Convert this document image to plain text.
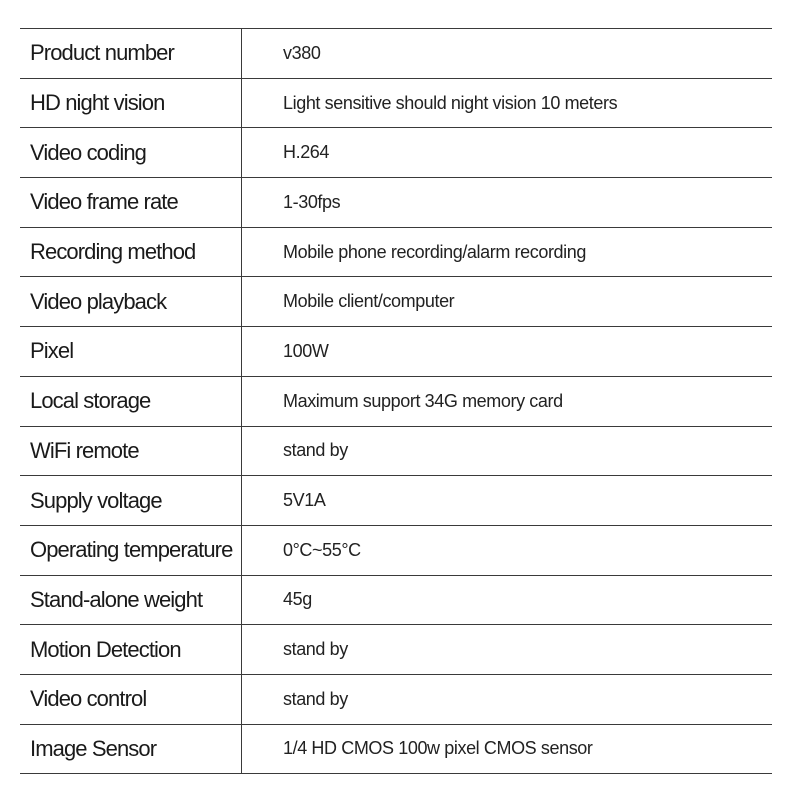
Product number	v380
HD night vision	Light sensitive should night vision 10 meters
Video coding	H.264
Video frame rate	1-30fps
Recording method	Mobile phone recording/alarm recording
Video playback	Mobile client/computer
Pixel	100W
Local storage	Maximum support 34G memory card
WiFi remote	stand by
Supply voltage	5V1A
Operating temperature	0°C~55°C
Stand-alone weight	45g
Motion Detection	stand by
Video control	stand by
Image Sensor	1/4 HD CMOS 100w pixel CMOS sensor
